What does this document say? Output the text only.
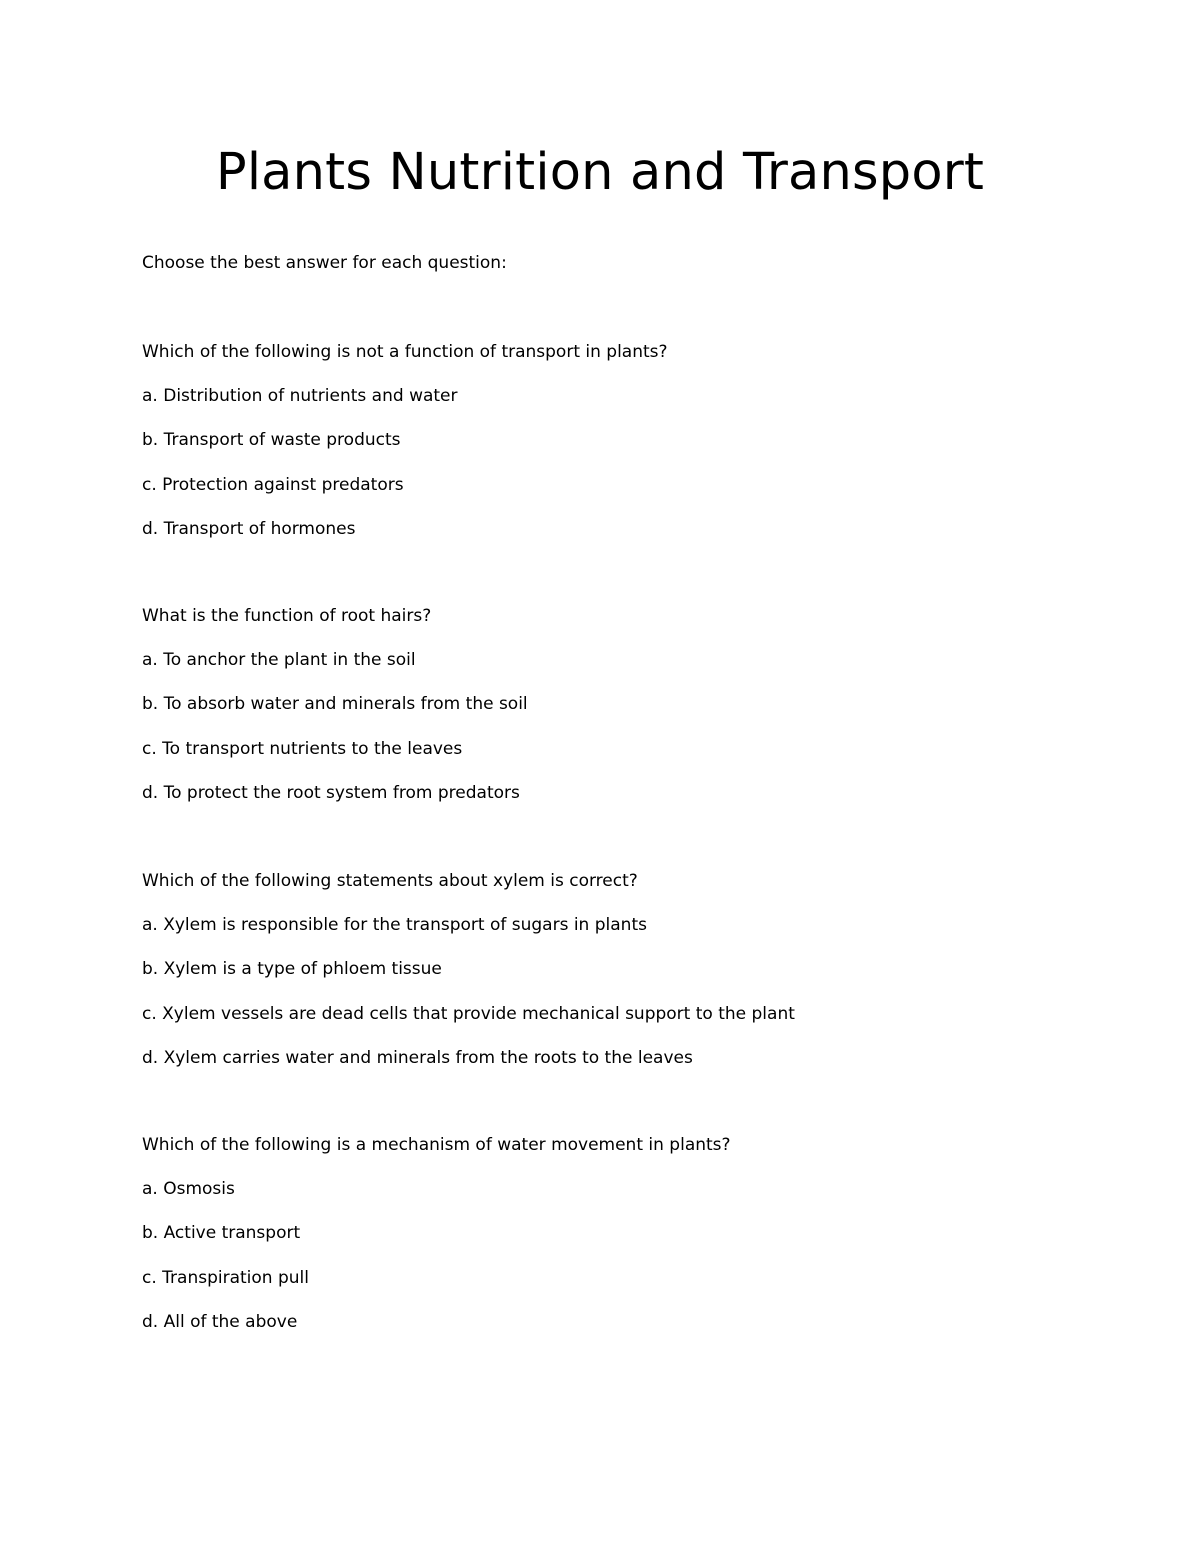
Plants Nutrition and Transport

Choose the best answer for each question:

Which of the following is not a function of transport in plants?
a. Distribution of nutrients and water
b. Transport of waste products
c. Protection against predators
d. Transport of hormones
What is the function of root hairs?
a. To anchor the plant in the soil
b. To absorb water and minerals from the soil
c. To transport nutrients to the leaves
d. To protect the root system from predators
Which of the following statements about xylem is correct?
a. Xylem is responsible for the transport of sugars in plants
b. Xylem is a type of phloem tissue
c. Xylem vessels are dead cells that provide mechanical support to the plant
d. Xylem carries water and minerals from the roots to the leaves
Which of the following is a mechanism of water movement in plants?
a. Osmosis
b. Active transport
c. Transpiration pull
d. All of the above
